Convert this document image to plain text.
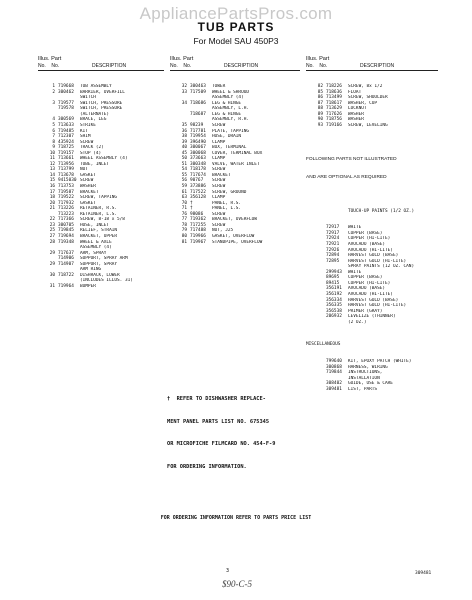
AppliancePartsPros.com
TUB PARTS
For Model SAU 450P3

Illus. Part

No. No.

	DESCRIPTION

1 719668	TUB ASSEMBLY
2 300462	BARRIER, OVERFILL
SWITCH
3 719577	SWITCH, PRESSURE
719578	SWITCH, PRESSURE
(ALTERNATE)
4 300569	BRACE, LEG
5 713633	STRIKE
6 719485	KIT
7 712307	SHIM
8 435924	SCREW
9 718725	TRACK (2)
10 719157	STOP (4)
11 713661	WHEEL ASSEMBLY (4)
12 713956	TUBE, INLET
13 713799	NUT
14 713678	GASKET
15 9415030 SCREW
16 713753	WASHER
17 719587	BRACKET
18 719522	SCREW, TAPPING
20 717932	GASKET
21 713226	RETAINER, R.S.
713223	RETAINER, L.S.
22 717366	SCREW, 8-18 x 5/8
23 300705	HOSE, INLET
25 719845	RELIEF, STRAIN
27 719694	BRACKET, UPPER
28 719348	WHEEL & AXLE
ASSEMBLY (4)
29 717637	ARM, SPRAY
714906	SUPPORT, SPRAY ARM
29 714907	SUPPORT, SPRAY
ARM RING
30 718722	DISHRACK, LOWER
(INCLUDES ILLUS. 31)
31 719964	BUMPER

Illus. Part

No. No.

	DESCRIPTION

32 300463	TOWER
33 717509	WHEEL & SHROUD
ASSEMBLY (4)
34 718686	LEG & HINGE
ASSEMBLY, L.H.
718687	LEG & HINGE
ASSEMBLY, R.H.
35 98239	SCREW
36 717781	PLATE, TAPPING
38 719954	HOSE, DRAIN
39 396490	CLAMP
40 300067	BOX, TERMINAL
45 300068	COVER, TERMINAL BOX
50 373663	CLAMP
51 300348	VALVE, WATER INLET
54 718178	SCREW
55 717674	BRACKET
56 90767	SCREW
59 373886	SCREW
61 717522	SCREW, GROUND
63 356128	CLAMP
70 †	PANEL, R.S.
71 †	PANEL, L.S.
76 98086	SCREW
77 719362	BRACKET, OVERFLOW
78 717255	SCREW
79 717488	NUT, J25
80 719966	GASKET, OVERFLOW
81 719967	STANDPIPE, OVERFLOW

Illus. Part

No. No.

	DESCRIPTION

82 718226	SCREW, 8x 1/2
85 718636	FLOAT
86 713499	SCREW, SHOULDER
87 718617	WASHER, CUP
88 713629	LOCKNUT
89 717626	WASHER
90 718756	WASHER
93 719166	SCREW, LEVELING

FOLLOWING PARTS NOT ILLUSTRATED

AND ARE OPTIONAL AS REQUIRED

TOUCH-UP PAINTS (1/2 OZ.)

72917	WHITE
72917	COPPER (BASE)
72924	COPPER (HI-LITE)
72921	AVOCADO (BASE)
72926	AVOCADO (HI-LITE)
72894	HARVEST GOLD (BASE)
72895	HARVEST GOLD (HI-LITE)
SPRAY PAINTS (12 OZ. CAN)
299943	WHITE
89695	COPPER (BASE)
89415	COPPER (HI-LITE)
356191	AVOCADO (BASE)
356192	AVOCADO (HI-LITE)
356334	HARVEST GOLD (BASE)
356335	HARVEST GOLD (HI-LITE)
356538	PRIMER (GRAY)
206932	LEVELIZE (THINNER)
(2 OZ.)

MISCELLANEOUS

799640	KIT, EPOXY PATCH (WHITE)
300868	HARNESS, WIRING
719844	INSTRUCTIONS,
INSTALLATION
308402	GUIDE, USE & CARE
309481	LIST, PARTS

†  REFER TO DISHWASHER REPLACE-

MENT PANEL PARTS LIST NO. 675345

OR MICROFICHE FILMCARD NO. 454-F-9

FOR ORDERING INFORMATION.

FOR ORDERING INFORMATION REFER TO PARTS PRICE LIST
3	309481
$90-C-5
